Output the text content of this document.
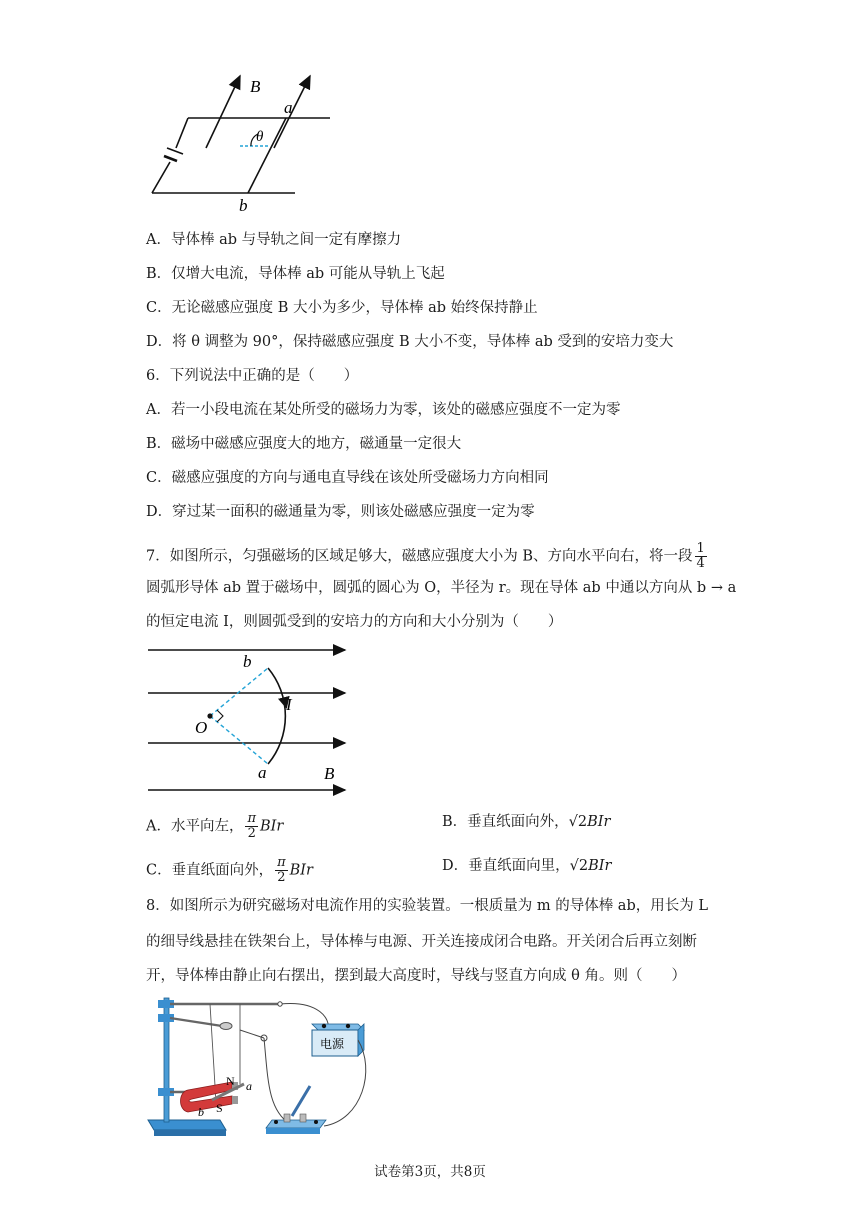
B
a
θ
b
A．导体棒 ab 与导轨之间一定有摩擦力
B．仅增大电流，导体棒 ab 可能从导轨上飞起
C．无论磁感应强度 B 大小为多少，导体棒 ab 始终保持静止
D．将 θ 调整为 90°，保持磁感应强度 B 大小不变，导体棒 ab 受到的安培力变大
6．下列说法中正确的是（　　）
A．若一小段电流在某处所受的磁场力为零，该处的磁感应强度不一定为零
B．磁场中磁感应强度大的地方，磁通量一定很大
C．磁感应强度的方向与通电直导线在该处所受磁场力方向相同
D．穿过某一面积的磁通量为零，则该处磁感应强度一定为零
7．如图所示，匀强磁场的区域足够大，磁感应强度大小为 B、方向水平向右，将一段 $\frac{1}{4}$
圆弧形导体 ab 置于磁场中，圆弧的圆心为 O，半径为 r。现在导体 ab 中通以方向从 b → a
的恒定电流 I，则圆弧受到的安培力的方向和大小分别为（　　）
b
I
O
a	B
A．水平向左， $\frac{\pi}{2}$ BIr	B．垂直纸面向外，√2BIr
C．垂直纸面向外， $\frac{\pi}{2}$ BIr	D．垂直纸面向里，√2BIr
8．如图所示为研究磁场对电流作用的实验装置。一根质量为 m 的导体棒 ab，用长为 L
的细导线悬挂在铁架台上，导体棒与电源、开关连接成闭合电路。开关闭合后再立刻断
开，导体棒由静止向右摆出，摆到最大高度时，导线与竖直方向成 θ 角。则（　　）
N a
S
b
电源
试卷第3页，共8页
